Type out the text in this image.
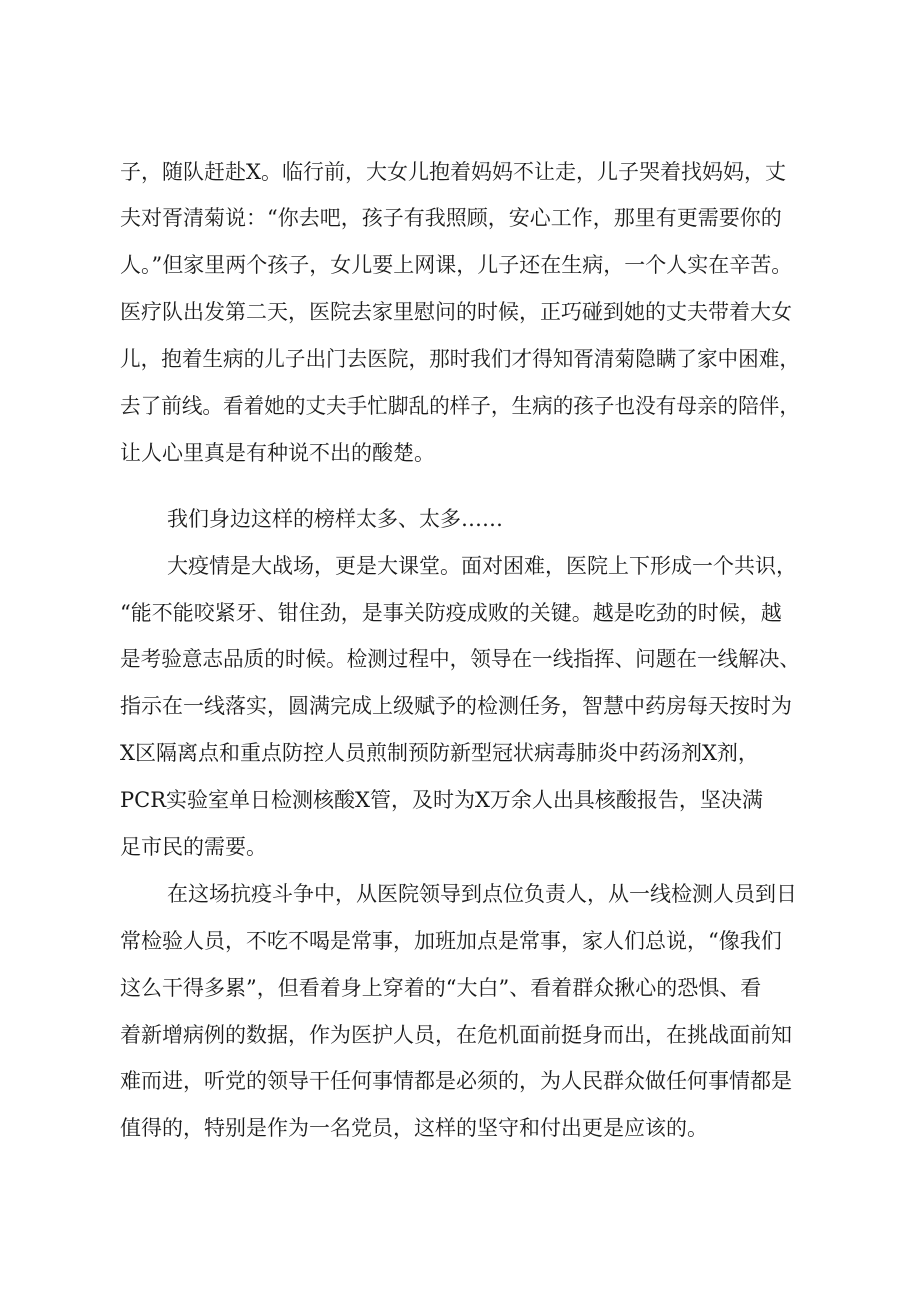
子，随队赶赴X。临行前，大女儿抱着妈妈不让走，儿子哭着找妈妈，丈
夫对胥清菊说：“你去吧，孩子有我照顾，安心工作，那里有更需要你的
人。”但家里两个孩子，女儿要上网课，儿子还在生病，一个人实在辛苦。
医疗队出发第二天，医院去家里慰问的时候，正巧碰到她的丈夫带着大女
儿，抱着生病的儿子出门去医院，那时我们才得知胥清菊隐瞒了家中困难，
去了前线。看着她的丈夫手忙脚乱的样子，生病的孩子也没有母亲的陪伴，
让人心里真是有种说不出的酸楚。
我们身边这样的榜样太多、太多……
大疫情是大战场，更是大课堂。面对困难，医院上下形成一个共识，
“能不能咬紧牙、钳住劲，是事关防疫成败的关键。越是吃劲的时候，越
是考验意志品质的时候。检测过程中，领导在一线指挥、问题在一线解决、
指示在一线落实，圆满完成上级赋予的检测任务，智慧中药房每天按时为
X区隔离点和重点防控人员煎制预防新型冠状病毒肺炎中药汤剂X剂，
PCR实验室单日检测核酸X管，及时为X万余人出具核酸报告，坚决满
足市民的需要。
在这场抗疫斗争中，从医院领导到点位负责人，从一线检测人员到日
常检验人员，不吃不喝是常事，加班加点是常事，家人们总说，“像我们
这么干得多累”，但看着身上穿着的“大白”、看着群众揪心的恐惧、看
着新增病例的数据，作为医护人员，在危机面前挺身而出，在挑战面前知
难而进，听党的领导干任何事情都是必须的，为人民群众做任何事情都是
值得的，特别是作为一名党员，这样的坚守和付出更是应该的。
